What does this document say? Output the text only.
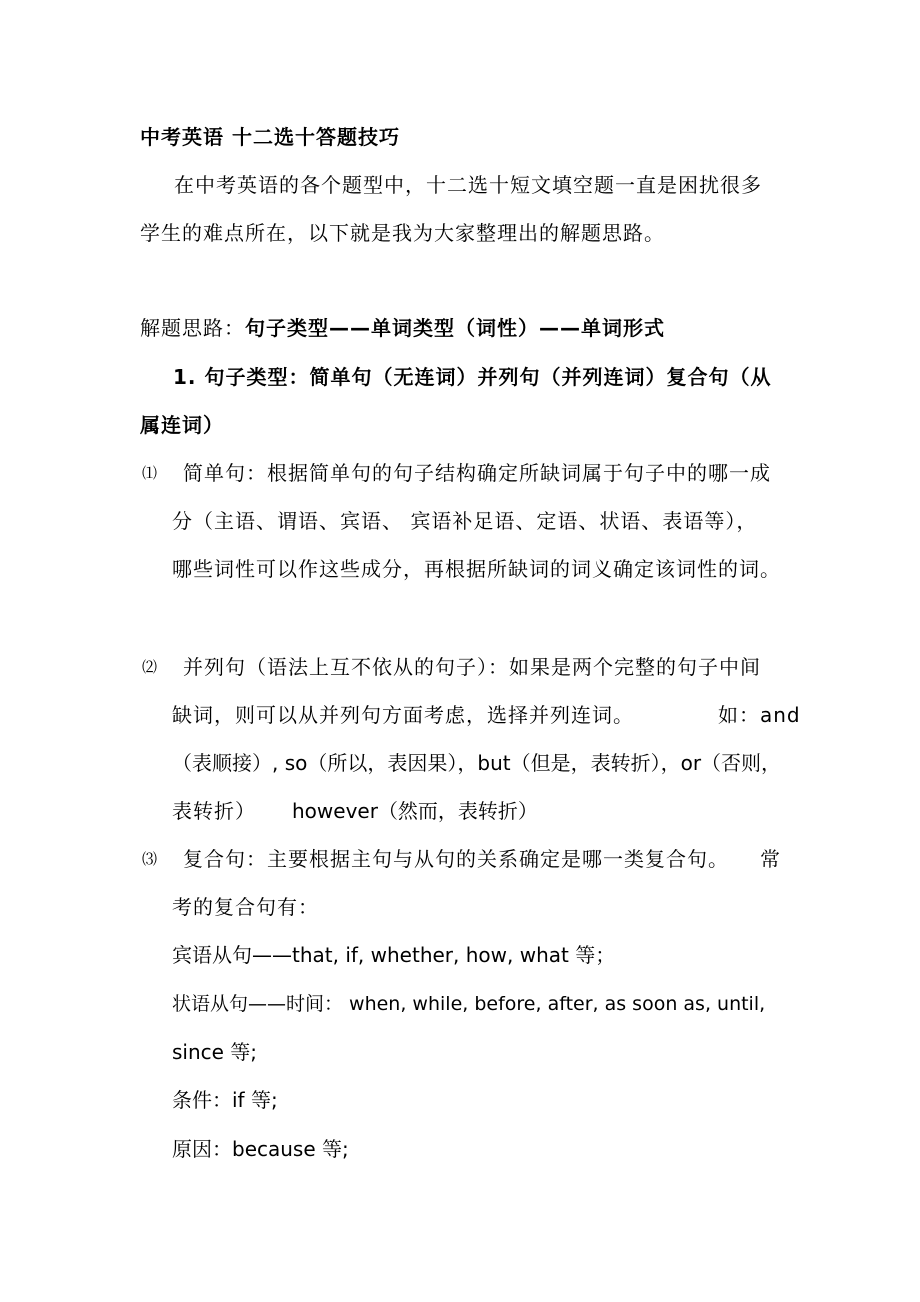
中考英语 十二选十答题技巧
在中考英语的各个题型中，十二选十短文填空题一直是困扰很多
学生的难点所在，以下就是我为大家整理出的解题思路。
解题思路：句子类型——单词类型（词性）——单词形式
1. 句子类型：简单句（无连词）并列句（并列连词）复合句（从
属连词）
⑴ 简单句：根据简单句的句子结构确定所缺词属于句子中的哪一成
分（主语、谓语、宾语、 宾语补足语、定语、状语、表语等），
哪些词性可以作这些成分，再根据所缺词的词义确定该词性的词。
⑵ 并列句（语法上互不依从的句子）：如果是两个完整的句子中间
缺词，则可以从并列句方面考虑，选择并列连词。	如：and
（表顺接）, so（所以，表因果），but（但是，表转折），or（否则，
表转折） however（然而，表转折）
⑶ 复合句：主要根据主句与从句的关系确定是哪一类复合句。 常
考的复合句有：
宾语从句——that, if, whether, how, what 等；
状语从句——时间： when, while, before, after, as soon as, until,
since 等;
条件：if 等;
原因：because 等;
